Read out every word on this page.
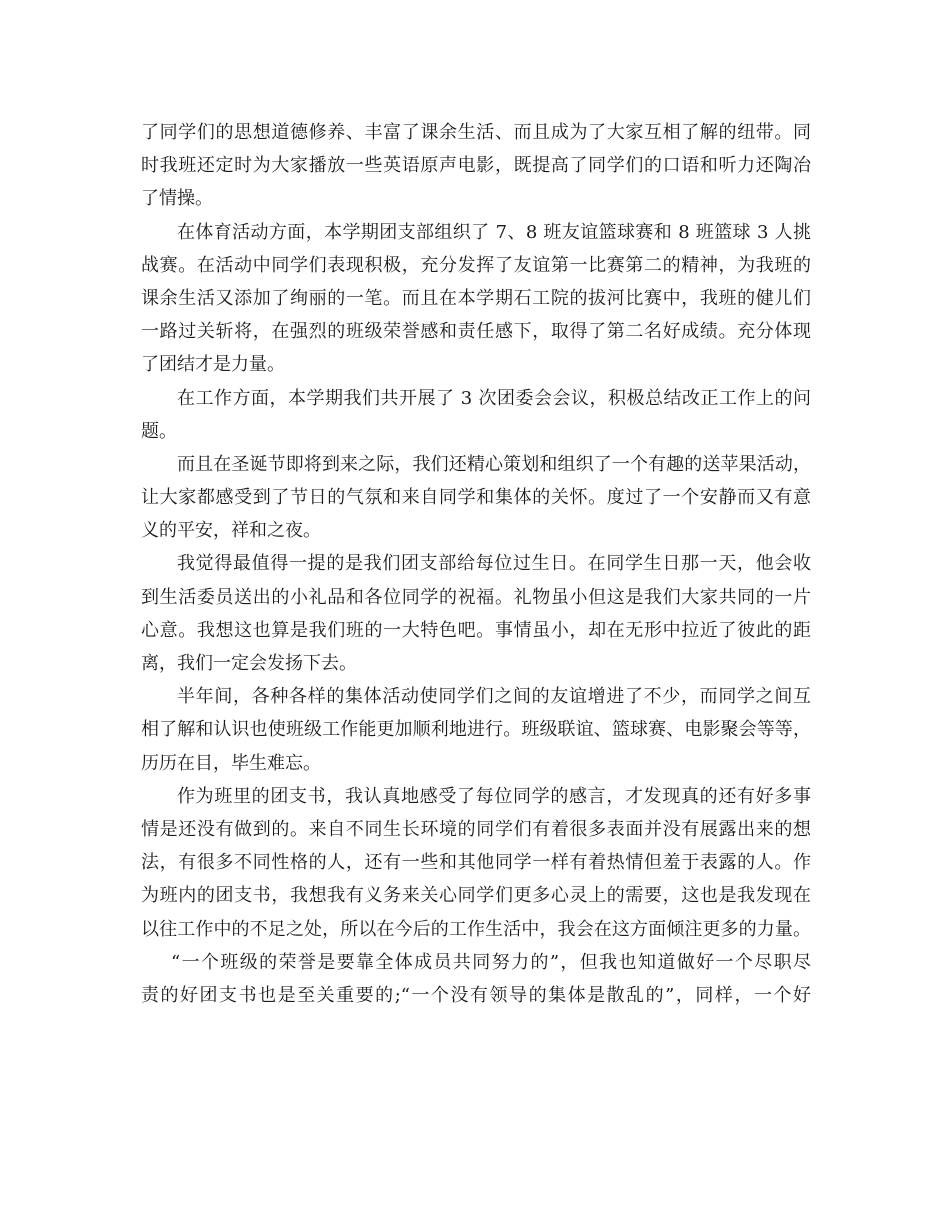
了同学们的思想道德修养、丰富了课余生活、而且成为了大家互相了解的纽带。同
时我班还定时为大家播放一些英语原声电影，既提高了同学们的口语和听力还陶冶
了情操。
在体育活动方面，本学期团支部组织了 7、8 班友谊篮球赛和 8 班篮球 3 人挑
战赛。在活动中同学们表现积极，充分发挥了友谊第一比赛第二的精神，为我班的
课余生活又添加了绚丽的一笔。而且在本学期石工院的拔河比赛中，我班的健儿们
一路过关斩将，在强烈的班级荣誉感和责任感下，取得了第二名好成绩。充分体现
了团结才是力量。
在工作方面，本学期我们共开展了 3 次团委会会议，积极总结改正工作上的问
题。
而且在圣诞节即将到来之际，我们还精心策划和组织了一个有趣的送苹果活动，
让大家都感受到了节日的气氛和来自同学和集体的关怀。度过了一个安静而又有意
义的平安，祥和之夜。
我觉得最值得一提的是我们团支部给每位过生日。在同学生日那一天，他会收
到生活委员送出的小礼品和各位同学的祝福。礼物虽小但这是我们大家共同的一片
心意。我想这也算是我们班的一大特色吧。事情虽小，却在无形中拉近了彼此的距
离，我们一定会发扬下去。
半年间，各种各样的集体活动使同学们之间的友谊增进了不少，而同学之间互
相了解和认识也使班级工作能更加顺利地进行。班级联谊、篮球赛、电影聚会等等，
历历在目，毕生难忘。
作为班里的团支书，我认真地感受了每位同学的感言，才发现真的还有好多事
情是还没有做到的。来自不同生长环境的同学们有着很多表面并没有展露出来的想
法，有很多不同性格的人，还有一些和其他同学一样有着热情但羞于表露的人。作
为班内的团支书，我想我有义务来关心同学们更多心灵上的需要，这也是我发现在
以往工作中的不足之处，所以在今后的工作生活中，我会在这方面倾注更多的力量。
“一个班级的荣誉是要靠全体成员共同努力的”，但我也知道做好一个尽职尽
责的好团支书也是至关重要的;“一个没有领导的集体是散乱的”，同样，一个好
